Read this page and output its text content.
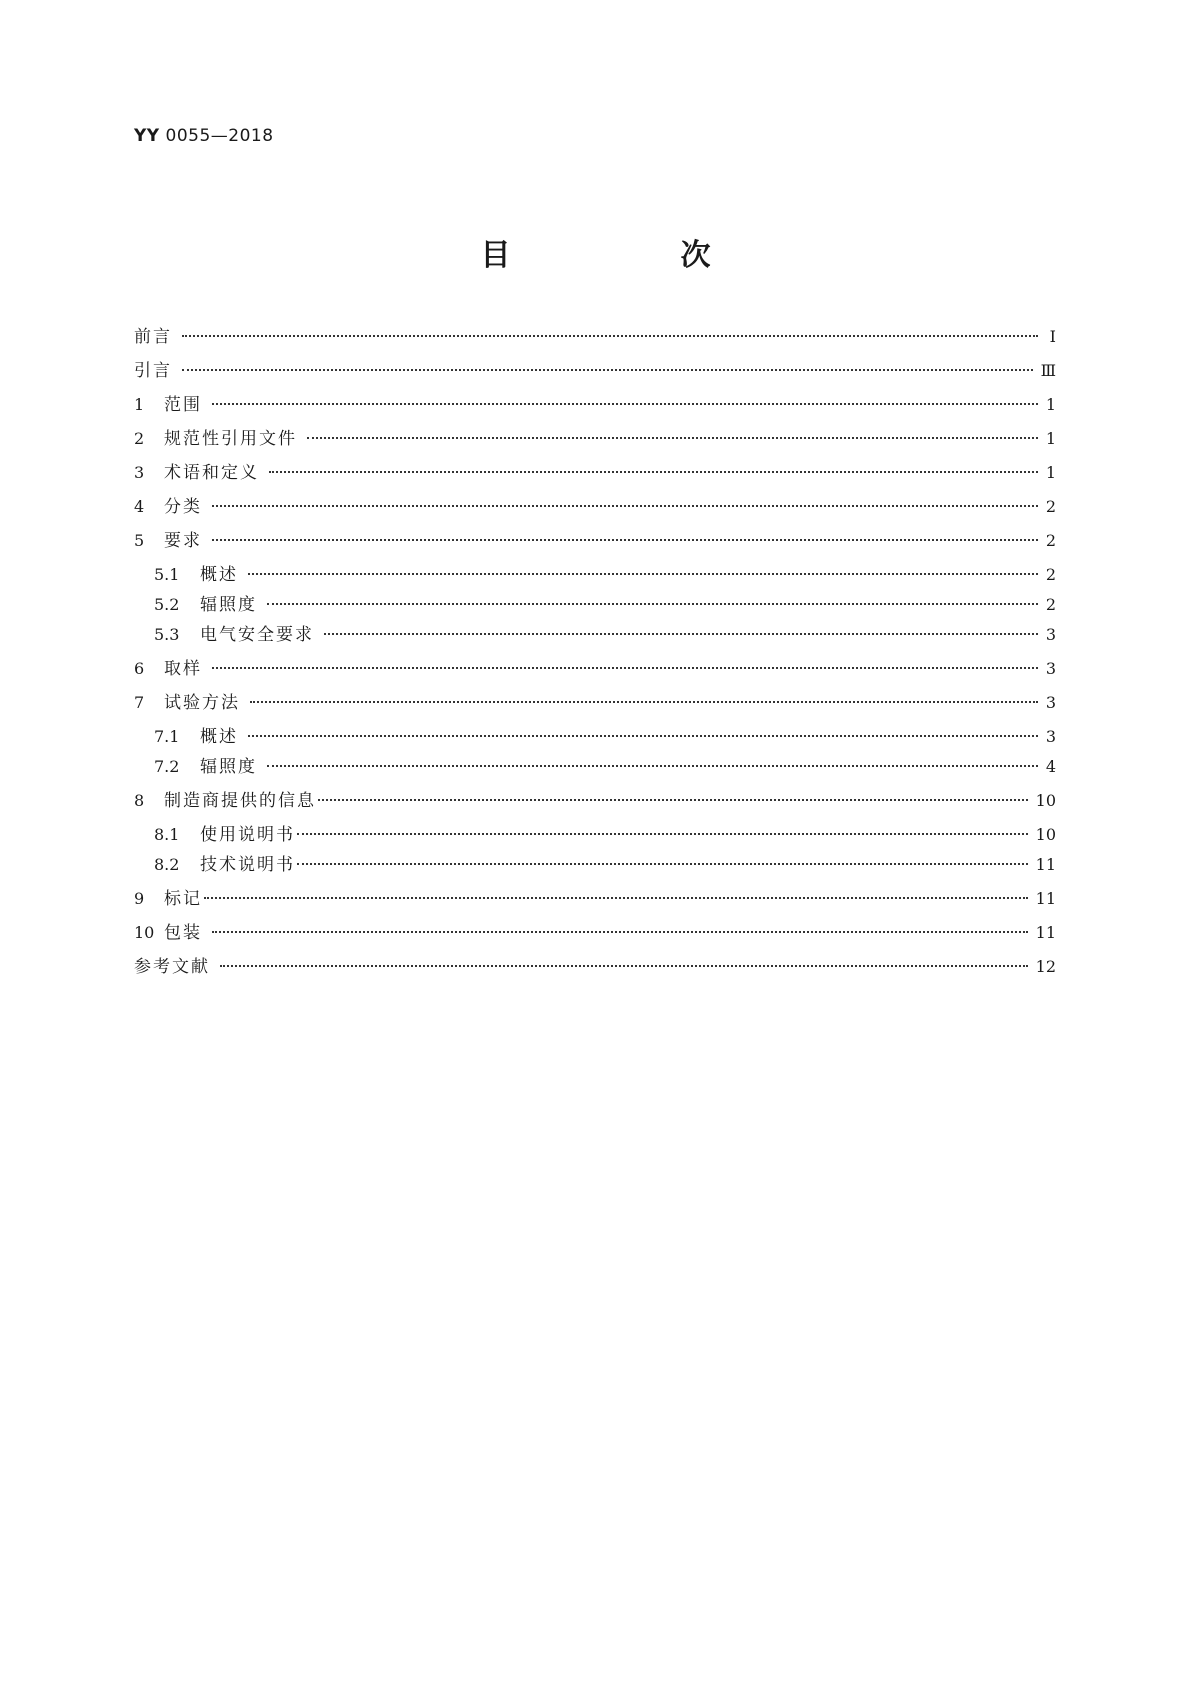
YY 0055—2018
目　次
前言	Ⅰ
引言	Ⅲ
1	范围	1
2	规范性引用文件	1
3	术语和定义	1
4	分类	2
5	要求	2
5.1	概述	2
5.2	辐照度	2
5.3	电气安全要求	3
6	取样	3
7	试验方法	3
7.1	概述	3
7.2	辐照度	4
8	制造商提供的信息	10
8.1	使用说明书	10
8.2	技术说明书	11
9	标记	11
10 包装	11
参考文献	12
